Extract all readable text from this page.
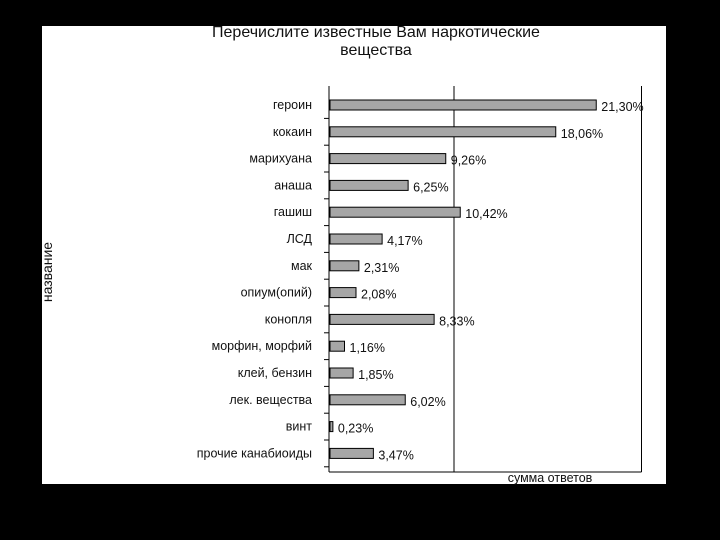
Перечислите известные Вам наркотические
вещества
название
сумма ответов
героин	21,30%
кокаин	18,06%
марихуана	9,26%
анаша	6,25%
гашиш	10,42%
ЛСД	4,17%
мак	2,31%
опиум(опий)	2,08%
конопля	8,33%
морфин, морфий	1,16%
клей, бензин	1,85%
лек. вещества	6,02%
винт 0,23%
прочие канабиоиды	3,47%
